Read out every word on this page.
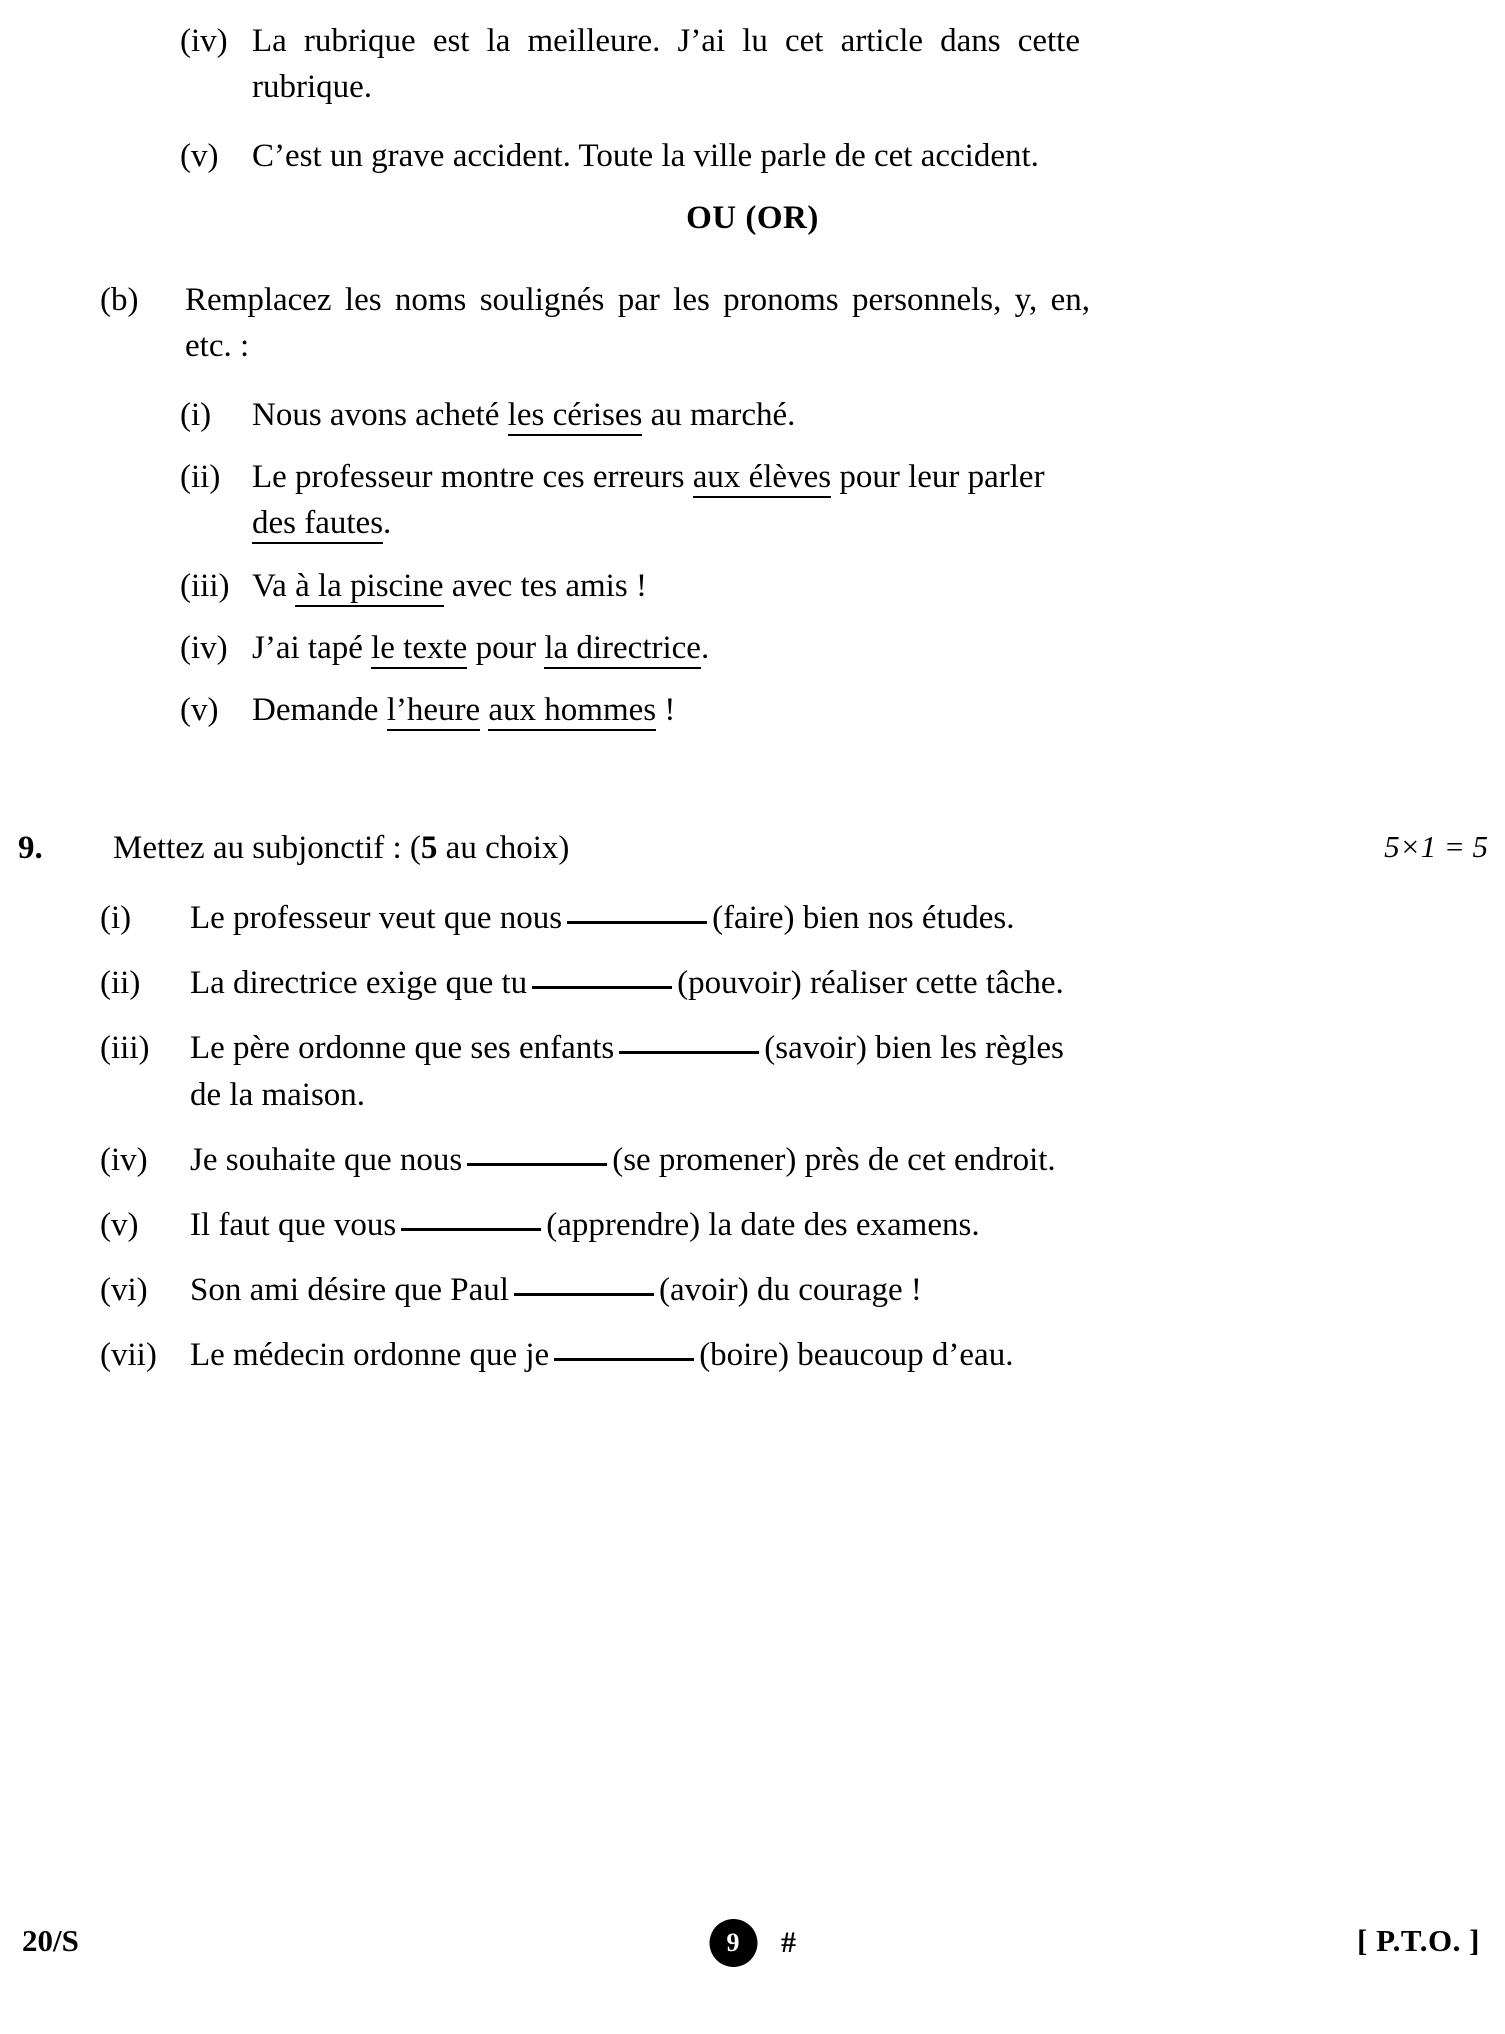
(iv) La rubrique est la meilleure. J’ai lu cet article dans cette rubrique.
(v)	C’est un grave accident. Toute la ville parle de cet accident.
OU (OR)
(b)	Remplacez les noms soulignés par les pronoms personnels, y, en, etc. :
(i)	Nous avons acheté les cérises au marché.
(ii) Le professeur montre ces erreurs aux élèves pour leur parler des fautes.
(iii) Va à la piscine avec tes amis !
(iv) J’ai tapé le texte pour la directrice.
(v)	Demande l’heure aux hommes !
9.	Mettez au subjonctif : (5 au choix)	5×1 = 5
(i)	Le professeur veut que nous	(faire) bien nos études.
(ii)	La directrice exige que tu	(pouvoir) réaliser cette tâche.
(iii)	Le père ordonne que ses enfants	(savoir) bien les règles de la maison.
(iv)	Je souhaite que nous	(se promener) près de cet endroit.
(v)	Il faut que vous	(apprendre) la date des examens.
(vi)	Son ami désire que Paul	(avoir) du courage !
(vii)	Le médecin ordonne que je	(boire) beaucoup d’eau.
20/S	9	#	[ P.T.O. ]
